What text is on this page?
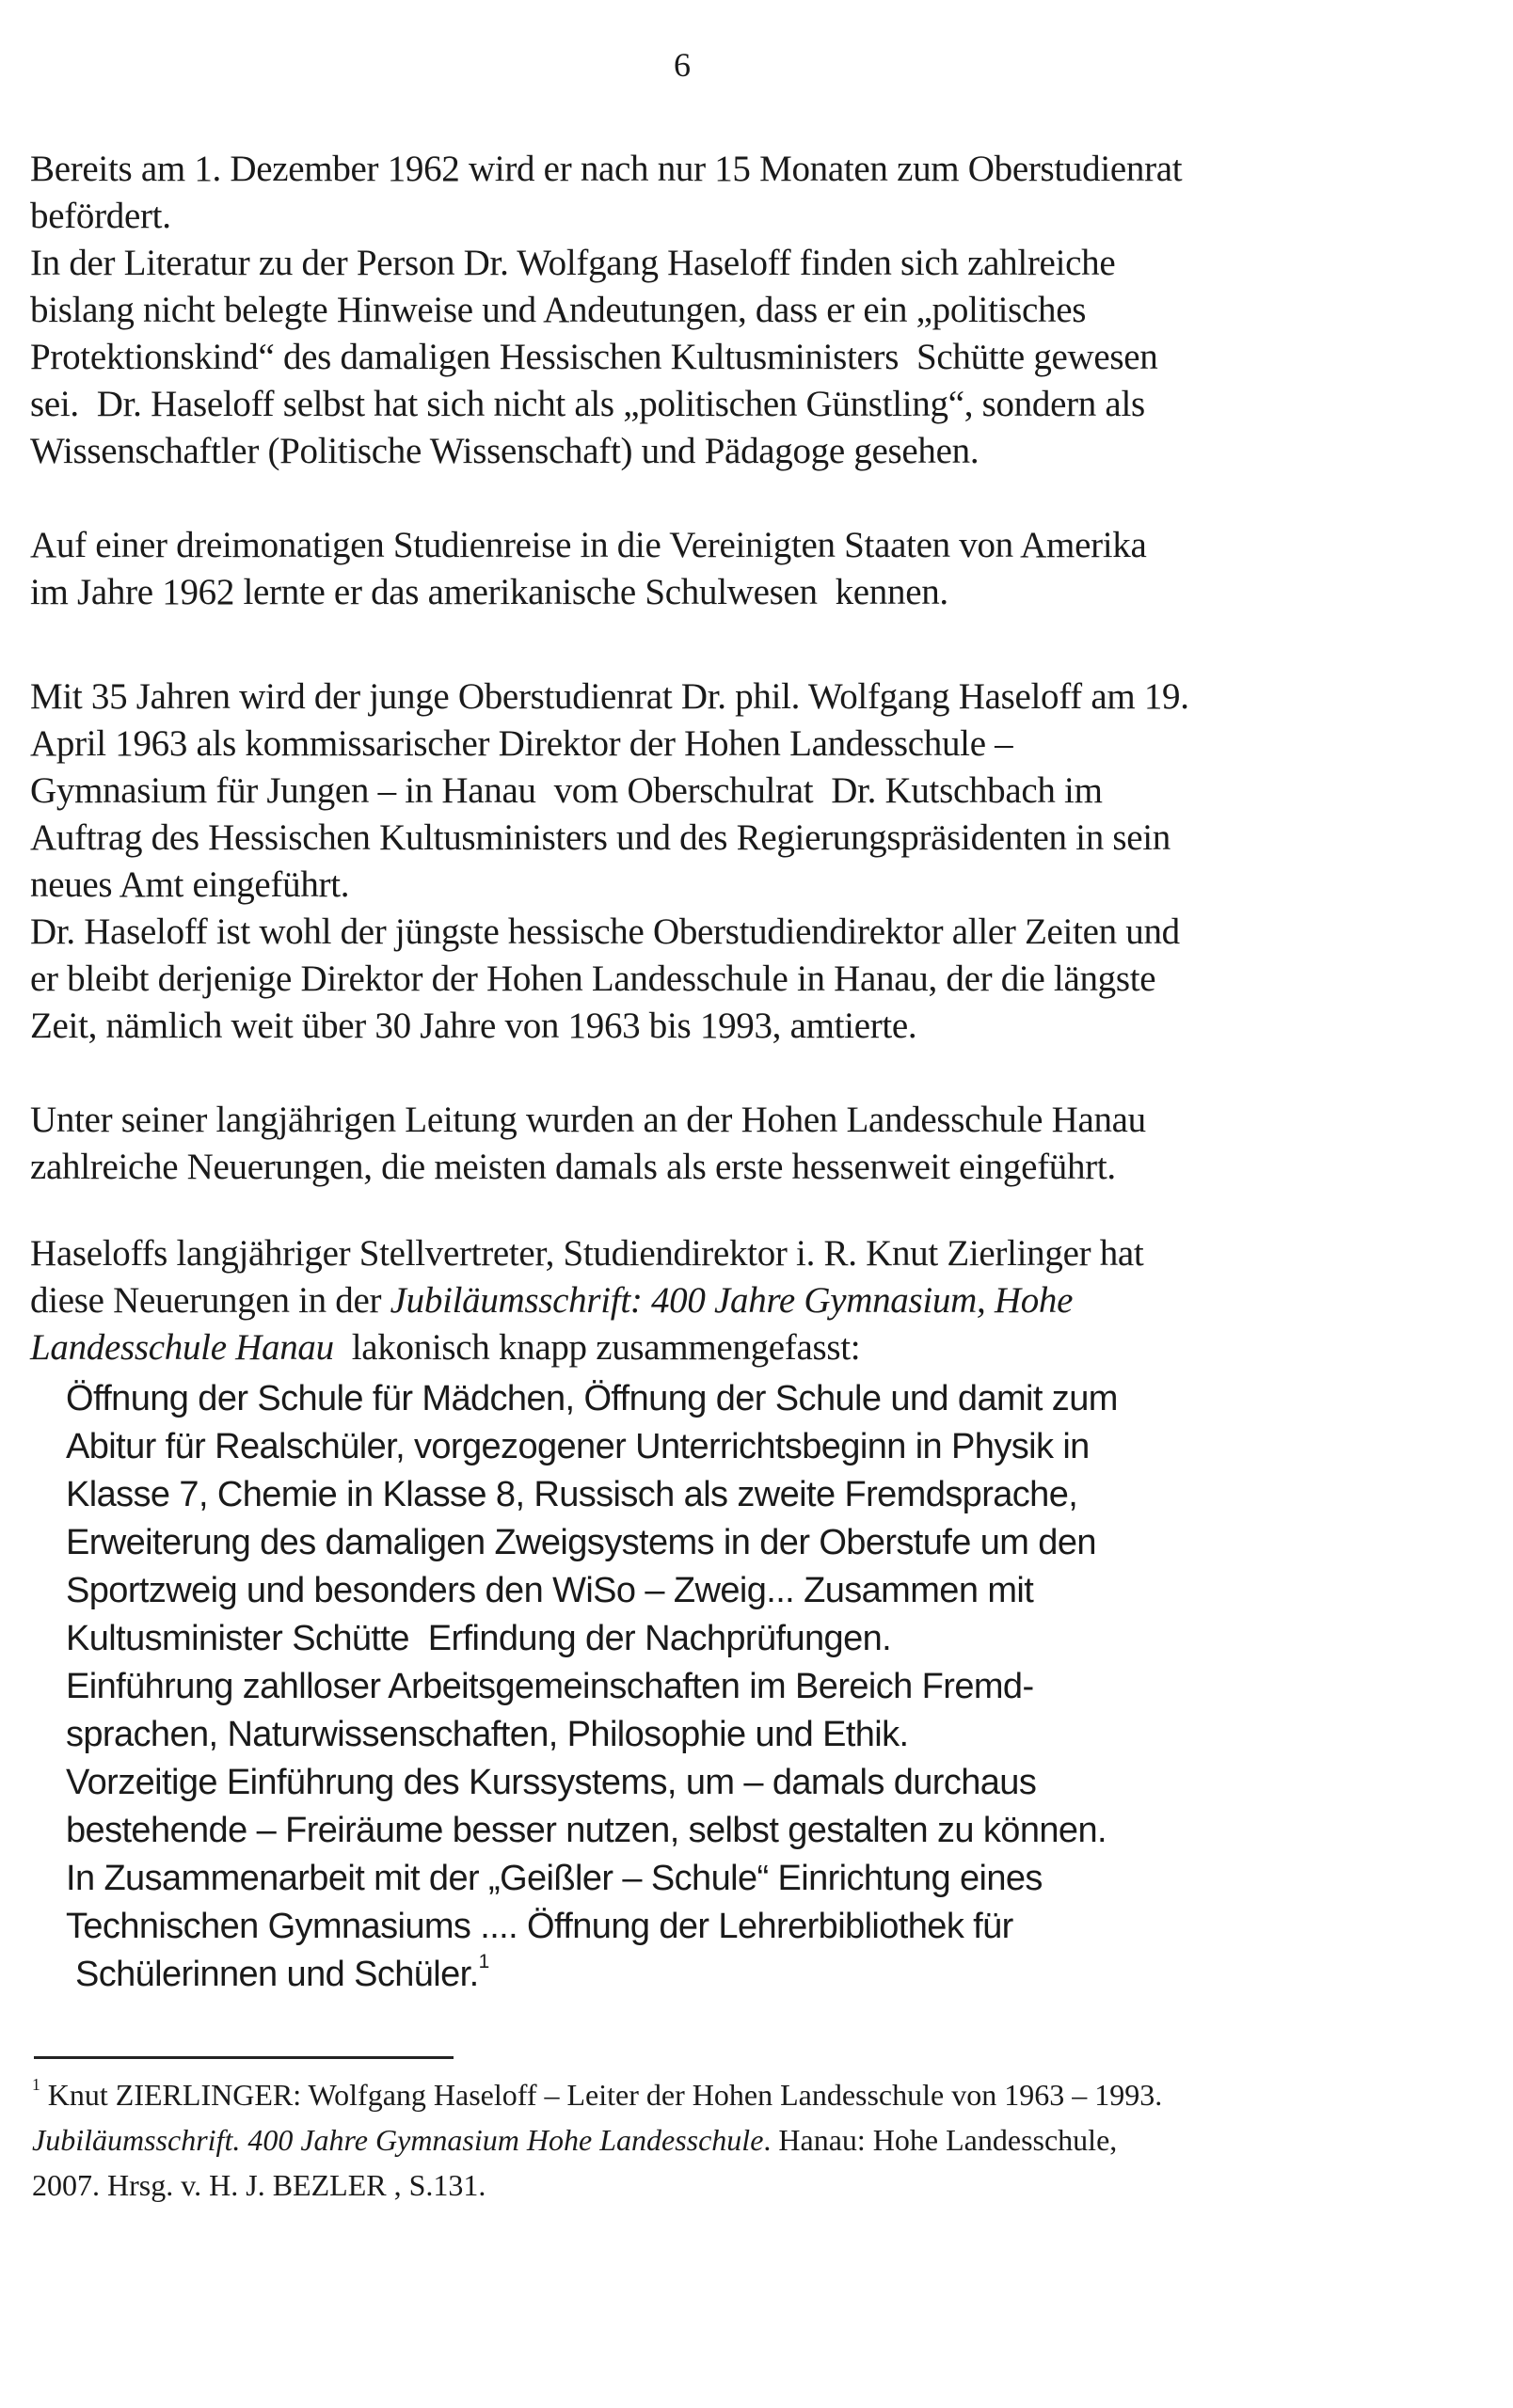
6
Bereits am 1. Dezember 1962 wird er nach nur 15 Monaten zum Oberstudienrat
befördert.
In der Literatur zu der Person Dr. Wolfgang Haseloff finden sich zahlreiche
bislang nicht belegte Hinweise und Andeutungen, dass er ein „politisches
Protektionskind“ des damaligen Hessischen Kultusministers  Schütte gewesen
sei.  Dr. Haseloff selbst hat sich nicht als „politischen Günstling“, sondern als
Wissenschaftler (Politische Wissenschaft) und Pädagoge gesehen.
Auf einer dreimonatigen Studienreise in die Vereinigten Staaten von Amerika
im Jahre 1962 lernte er das amerikanische Schulwesen  kennen.
Mit 35 Jahren wird der junge Oberstudienrat Dr. phil. Wolfgang Haseloff am 19.
April 1963 als kommissarischer Direktor der Hohen Landesschule –
Gymnasium für Jungen – in Hanau  vom Oberschulrat  Dr. Kutschbach im
Auftrag des Hessischen Kultusministers und des Regierungspräsidenten in sein
neues Amt eingeführt.
Dr. Haseloff ist wohl der jüngste hessische Oberstudiendirektor aller Zeiten und
er bleibt derjenige Direktor der Hohen Landesschule in Hanau, der die längste
Zeit, nämlich weit über 30 Jahre von 1963 bis 1993, amtierte.
Unter seiner langjährigen Leitung wurden an der Hohen Landesschule Hanau
zahlreiche Neuerungen, die meisten damals als erste hessenweit eingeführt.
Haseloffs langjähriger Stellvertreter, Studiendirektor i. R. Knut Zierlinger hat
diese Neuerungen in der Jubiläumsschrift: 400 Jahre Gymnasium, Hohe
Landesschule Hanau  lakonisch knapp zusammengefasst:
Öffnung der Schule für Mädchen, Öffnung der Schule und damit zum
Abitur für Realschüler, vorgezogener Unterrichtsbeginn in Physik in
Klasse 7, Chemie in Klasse 8, Russisch als zweite Fremdsprache,
Erweiterung des damaligen Zweigsystems in der Oberstufe um den
Sportzweig und besonders den WiSo – Zweig... Zusammen mit
Kultusminister Schütte  Erfindung der Nachprüfungen.
Einführung zahlloser Arbeitsgemeinschaften im Bereich Fremd-
sprachen, Naturwissenschaften, Philosophie und Ethik.
Vorzeitige Einführung des Kurssystems, um – damals durchaus
bestehende – Freiräume besser nutzen, selbst gestalten zu können.
In Zusammenarbeit mit der „Geißler – Schule“ Einrichtung eines
Technischen Gymnasiums .... Öffnung der Lehrerbibliothek für
Schülerinnen und Schüler.$^1$
$^1$ Knut ZIERLINGER: Wolfgang Haseloff – Leiter der Hohen Landesschule von 1963 – 1993.
Jubiläumsschrift. 400 Jahre Gymnasium Hohe Landesschule. Hanau: Hohe Landesschule,
2007. Hrsg. v. H. J. BEZLER , S.131.
